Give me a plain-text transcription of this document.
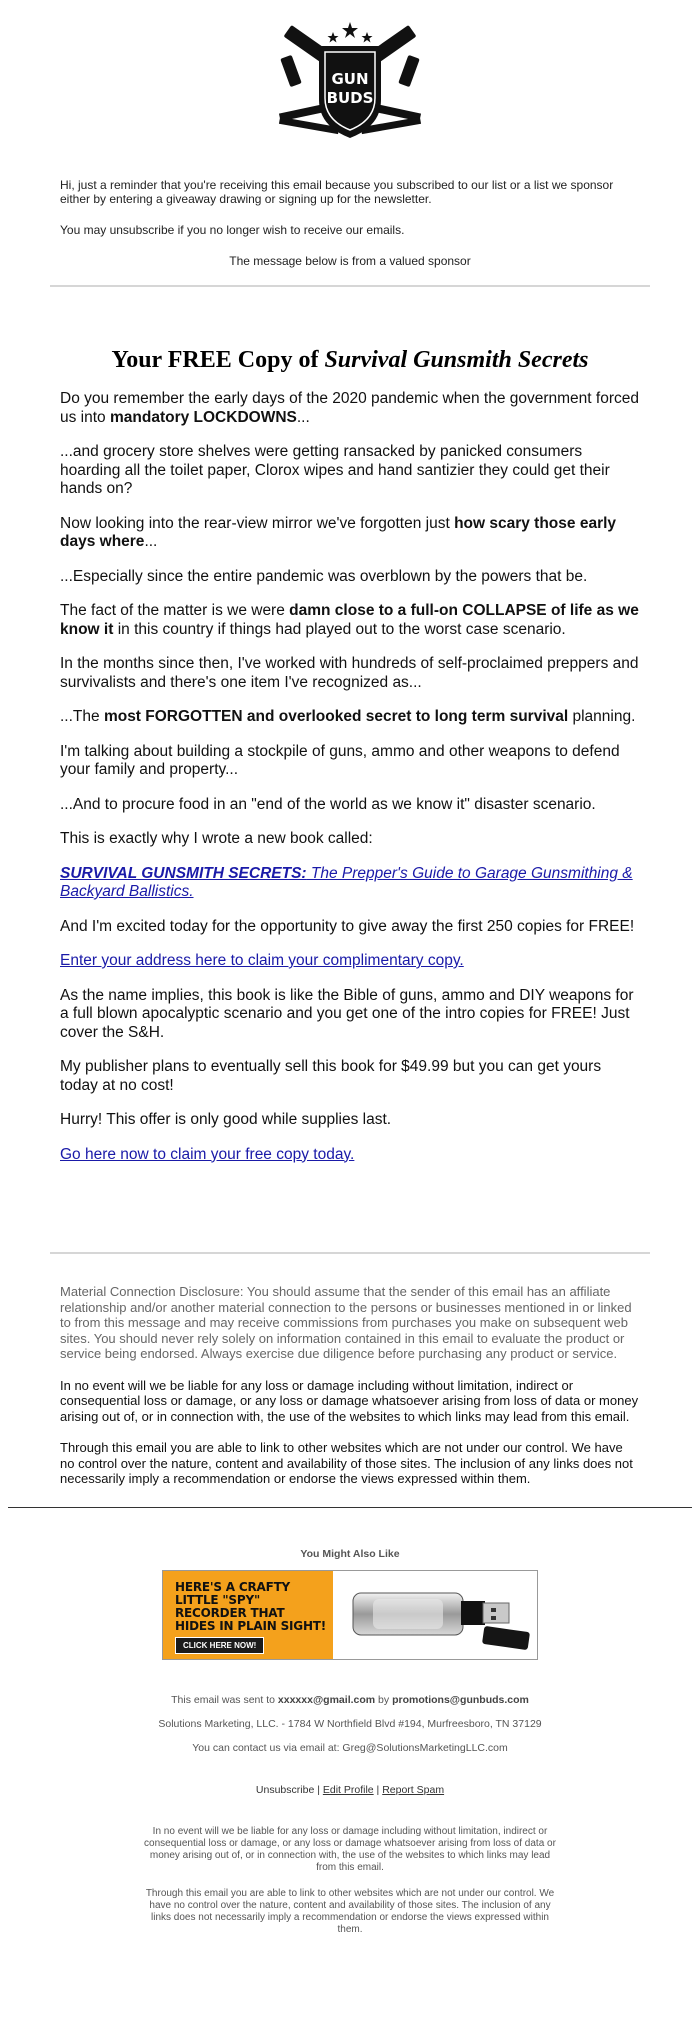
GUN
BUDS

Hi, just a reminder that you're receiving this email because you subscribed to our list or a list we sponsor either by entering a giveaway drawing or signing up for the newsletter.

You may unsubscribe if you no longer wish to receive our emails.

The message below is from a valued sponsor

Your FREE Copy of Survival Gunsmith Secrets

Do you remember the early days of the 2020 pandemic when the government forced us into mandatory LOCKDOWNS...

...and grocery store shelves were getting ransacked by panicked consumers hoarding all the toilet paper, Clorox wipes and hand santizier they could get their hands on?

Now looking into the rear-view mirror we've forgotten just how scary those early days where...

...Especially since the entire pandemic was overblown by the powers that be.

The fact of the matter is we were damn close to a full-on COLLAPSE of life as we know it in this country if things had played out to the worst case scenario.

In the months since then, I've worked with hundreds of self-proclaimed preppers and survivalists and there's one item I've recognized as...

...The most FORGOTTEN and overlooked secret to long term survival planning.

I'm talking about building a stockpile of guns, ammo and other weapons to defend your family and property...

...And to procure food in an "end of the world as we know it" disaster scenario.

This is exactly why I wrote a new book called:

SURVIVAL GUNSMITH SECRETS: The Prepper's Guide to Garage Gunsmithing & Backyard Ballistics.

And I'm excited today for the opportunity to give away the first 250 copies for FREE!

Enter your address here to claim your complimentary copy.

As the name implies, this book is like the Bible of guns, ammo and DIY weapons for a full blown apocalyptic scenario and you get one of the intro copies for FREE! Just cover the S&H.

My publisher plans to eventually sell this book for $49.99 but you can get yours today at no cost!

Hurry! This offer is only good while supplies last.

Go here now to claim your free copy today.

Material Connection Disclosure: You should assume that the sender of this email has an affiliate relationship and/or another material connection to the persons or businesses mentioned in or linked to from this message and may receive commissions from purchases you make on subsequent web sites. You should never rely solely on information contained in this email to evaluate the product or service being endorsed. Always exercise due diligence before purchasing any product or service.

In no event will we be liable for any loss or damage including without limitation, indirect or consequential loss or damage, or any loss or damage whatsoever arising from loss of data or money arising out of, or in connection with, the use of the websites to which links may lead from this email.

Through this email you are able to link to other websites which are not under our control. We have no control over the nature, content and availability of those sites. The inclusion of any links does not necessarily imply a recommendation or endorse the views expressed within them.

You Might Also Like
HERE'S A CRAFTY LITTLE "SPY" RECORDER THAT HIDES IN PLAIN SIGHT!
CLICK HERE NOW!
This email was sent to xxxxxx@gmail.com by promotions@gunbuds.com
Solutions Marketing, LLC. - 1784 W Northfield Blvd #194, Murfreesboro, TN 37129
You can contact us via email at: Greg@SolutionsMarketingLLC.com
Unsubscribe | Edit Profile | Report Spam

In no event will we be liable for any loss or damage including without limitation, indirect or consequential loss or damage, or any loss or damage whatsoever arising from loss of data or money arising out of, or in connection with, the use of the websites to which links may lead from this email.

Through this email you are able to link to other websites which are not under our control. We have no control over the nature, content and availability of those sites. The inclusion of any links does not necessarily imply a recommendation or endorse the views expressed within them.
